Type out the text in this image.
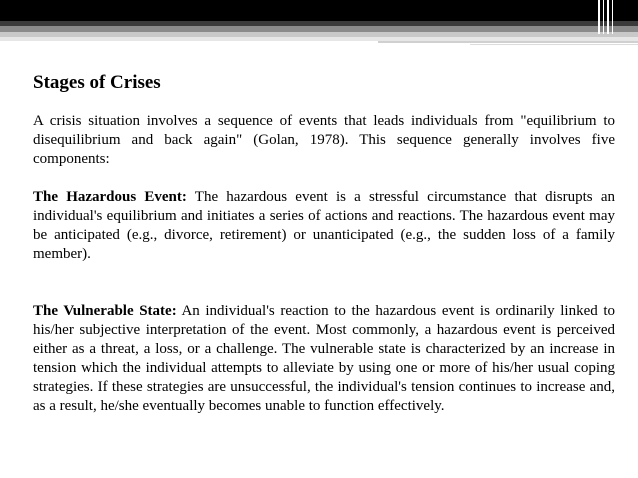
Stages of Crises

A crisis situation involves a sequence of events that leads individuals from "equilibrium to disequilibrium and back again" (Golan, 1978). This sequence generally involves five components:

The Hazardous Event: The hazardous event is a stressful circumstance that disrupts an individual's equilibrium and initiates a series of actions and reactions. The hazardous event may be anticipated (e.g., divorce, retirement) or unanticipated (e.g., the sudden loss of a family member).

The Vulnerable State: An individual's reaction to the hazardous event is ordinarily linked to his/her subjective interpretation of the event. Most commonly, a hazardous event is perceived either as a threat, a loss, or a challenge. The vulnerable state is characterized by an increase in tension which the individual attempts to alleviate by using one or more of his/her usual coping strategies. If these strategies are unsuccessful, the individual's tension continues to increase and, as a result, he/she eventually becomes unable to function effectively.
